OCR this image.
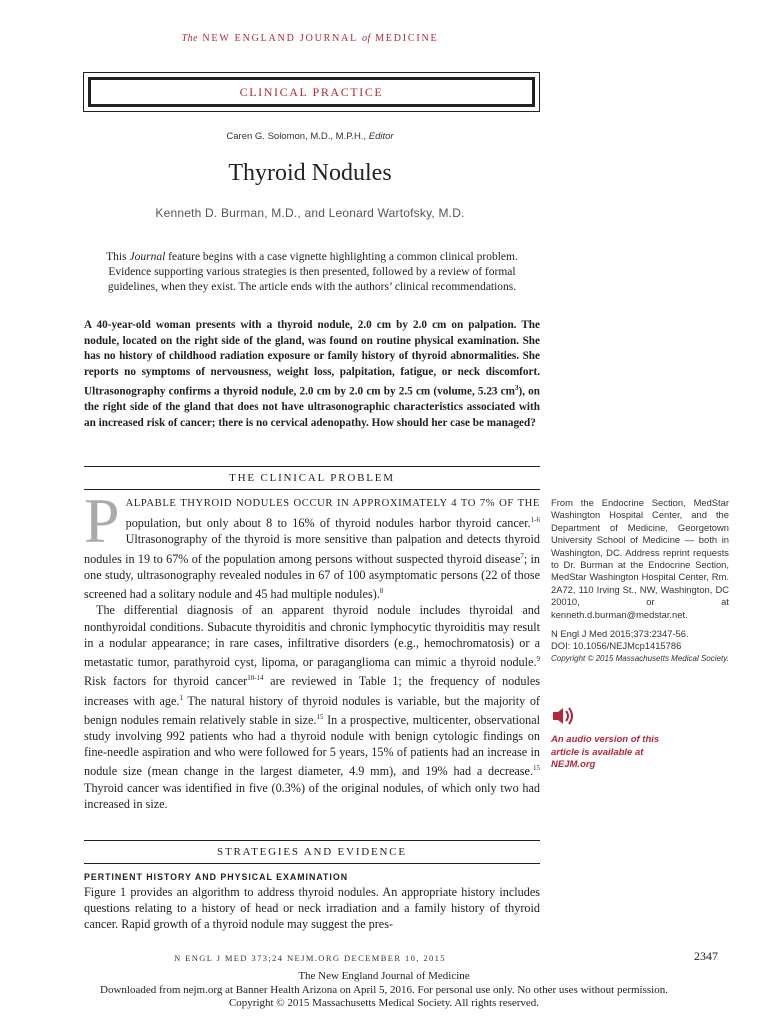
The NEW ENGLAND JOURNAL of MEDICINE
CLINICAL PRACTICE
Caren G. Solomon, M.D., M.P.H., Editor
Thyroid Nodules
Kenneth D. Burman, M.D., and Leonard Wartofsky, M.D.
This Journal feature begins with a case vignette highlighting a common clinical problem. Evidence supporting various strategies is then presented, followed by a review of formal guidelines, when they exist. The article ends with the authors’ clinical recommendations.
A 40-year-old woman presents with a thyroid nodule, 2.0 cm by 2.0 cm on palpation. The nodule, located on the right side of the gland, was found on routine physical examination. She has no history of childhood radiation exposure or family history of thyroid abnormalities. She reports no symptoms of nervousness, weight loss, palpitation, fatigue, or neck discomfort. Ultrasonography confirms a thyroid nodule, 2.0 cm by 2.0 cm by 2.5 cm (volume, 5.23 $cm^3$), on the right side of the gland that does not have ultrasonographic characteristics associated with an increased risk of cancer; there is no cervical adenopathy. How should her case be managed?
THE CLINICAL PROBLEM

PALPABLE THYROID NODULES OCCUR IN APPROXIMATELY 4 TO 7% OF THE population, but only about 8 to 16% of thyroid nodules harbor thyroid cancer.$^{1-6}$ Ultrasonography of the thyroid is more sensitive than palpation and detects thyroid nodules in 19 to 67% of the population among persons without suspected thyroid disease$^7$; in one study, ultrasonography revealed nodules in 67 of 100 asymptomatic persons (22 of those screened had a solitary nodule and 45 had multiple nodules).$^8$

The differential diagnosis of an apparent thyroid nodule includes thyroidal and nonthyroidal conditions. Subacute thyroiditis and chronic lymphocytic thyroiditis may result in a nodular appearance; in rare cases, infiltrative disorders (e.g., hemochromatosis) or a metastatic tumor, parathyroid cyst, lipoma, or paraganglioma can mimic a thyroid nodule.$^9$ Risk factors for thyroid cancer$^{10-14}$ are reviewed in Table 1; the frequency of nodules increases with age.$^1$ The natural history of thyroid nodules is variable, but the majority of benign nodules remain relatively stable in size.$^{15}$ In a prospective, multicenter, observational study involving 992 patients who had a thyroid nodule with benign cytologic findings on fine-needle aspiration and who were followed for 5 years, 15% of patients had an increase in nodule size (mean change in the largest diameter, 4.9 mm), and 19% had a decrease.$^{15}$ Thyroid cancer was identified in five (0.3%) of the original nodules, of which only two had increased in size.

From the Endocrine Section, MedStar Washington Hospital Center, and the Department of Medicine, Georgetown University School of Medicine — both in Washington, DC. Address reprint requests to Dr. Burman at the Endocrine Section, MedStar Washington Hospital Center, Rm. 2A72, 110 Irving St., NW, Washington, DC 20010, or at kenneth.d.burman@medstar.net.
N Engl J Med 2015;373:2347-56.
DOI: 10.1056/NEJMcp1415786
Copyright © 2015 Massachusetts Medical Society.
An audio version of this article is available at NEJM.org
STRATEGIES AND EVIDENCE
PERTINENT HISTORY AND PHYSICAL EXAMINATION

Figure 1 provides an algorithm to address thyroid nodules. An appropriate history includes questions relating to a history of head or neck irradiation and a family history of thyroid cancer. Rapid growth of a thyroid nodule may suggest the pres-

N ENGL J MED 373;24 NEJM.ORG DECEMBER 10, 2015	2347
The New England Journal of Medicine
Downloaded from nejm.org at Banner Health Arizona on April 5, 2016. For personal use only. No other uses without permission.
Copyright © 2015 Massachusetts Medical Society. All rights reserved.
